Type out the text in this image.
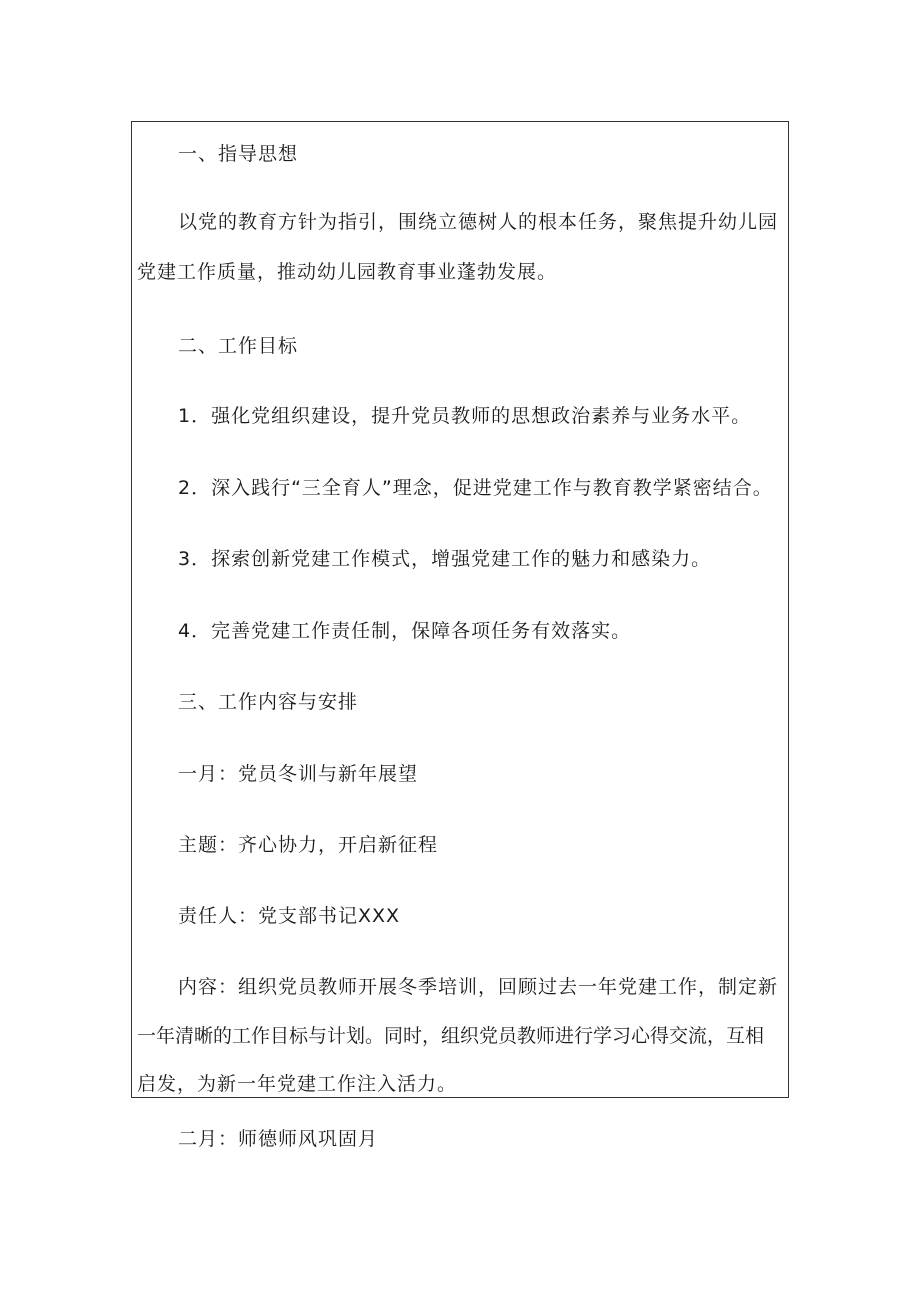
一、指导思想
以党的教育方针为指引，围绕立德树人的根本任务，聚焦提升幼儿园
党建工作质量，推动幼儿园教育事业蓬勃发展。
二、工作目标
1．强化党组织建设，提升党员教师的思想政治素养与业务水平。
2．深入践行“三全育人”理念，促进党建工作与教育教学紧密结合。
3．探索创新党建工作模式，增强党建工作的魅力和感染力。
4．完善党建工作责任制，保障各项任务有效落实。
三、工作内容与安排
一月：党员冬训与新年展望
主题：齐心协力，开启新征程
责任人：党支部书记XXX
内容：组织党员教师开展冬季培训，回顾过去一年党建工作，制定新
一年清晰的工作目标与计划。同时，组织党员教师进行学习心得交流，互相
启发，为新一年党建工作注入活力。
二月：师德师风巩固月
